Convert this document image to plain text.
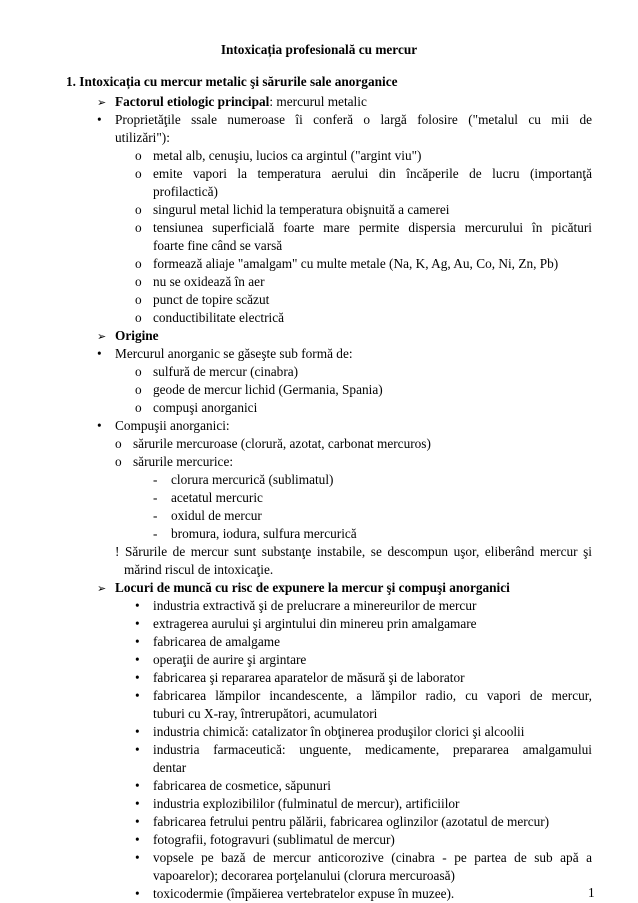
Intoxicația profesională cu mercur
1. Intoxicația cu mercur metalic şi sărurile sale anorganice
➢ Factorul etiologic principal: mercurul metalic
• Proprietăţile ssale numeroase îi conferă o largă folosire ("metalul cu mii de
utilizări"):
o metal alb, cenuşiu, lucios ca argintul ("argint viu")
o emite vapori la temperatura aerului din încăperile de lucru (importanţă
profilactică)
o singurul metal lichid la temperatura obişnuită a camerei
o tensiunea superficială foarte mare permite dispersia mercurului în picături
foarte fine când se varsă
o formează aliaje "amalgam" cu multe metale (Na, K, Ag, Au, Co, Ni, Zn, Pb)
o nu se oxidează în aer
o punct de topire scăzut
o conductibilitate electrică
➢ Origine
• Mercurul anorganic se găseşte sub formă de:
o sulfură de mercur (cinabra)
o geode de mercur lichid (Germania, Spania)
o compuşi anorganici
• Compuşii anorganici:
o sărurile mercuroase (clorură, azotat, carbonat mercuros)
o sărurile mercurice:
- clorura mercurică (sublimatul)
- acetatul mercuric
- oxidul de mercur
- bromura, iodura, sulfura mercurică
! Sărurile de mercur sunt substanţe instabile, se descompun uşor, eliberând mercur şi
mărind riscul de intoxicaţie.
➢ Locuri de muncă cu risc de expunere la mercur şi compuşi anorganici
• industria extractivă şi de prelucrare a minereurilor de mercur
• extragerea aurului şi argintului din minereu prin amalgamare
• fabricarea de amalgame
• operaţii de aurire şi argintare
• fabricarea şi repararea aparatelor de măsură şi de laborator
• fabricarea lămpilor incandescente, a lămpilor radio, cu vapori de mercur,
tuburi cu X-ray, întrerupători, acumulatori
• industria chimică: catalizator în obţinerea produşilor clorici şi alcoolii
• industria farmaceutică: unguente, medicamente, prepararea amalgamului
dentar
• fabricarea de cosmetice, săpunuri
• industria explozibililor (fulminatul de mercur), artificiilor
• fabricarea fetrului pentru pălării, fabricarea oglinzilor (azotatul de mercur)
• fotografii, fotogravuri (sublimatul de mercur)
• vopsele pe bază de mercur anticorozive (cinabra - pe partea de sub apă a
vapoarelor); decorarea porţelanului (clorura mercuroasă)
• toxicodermie (împăierea vertebratelor expuse în muzee).	1
